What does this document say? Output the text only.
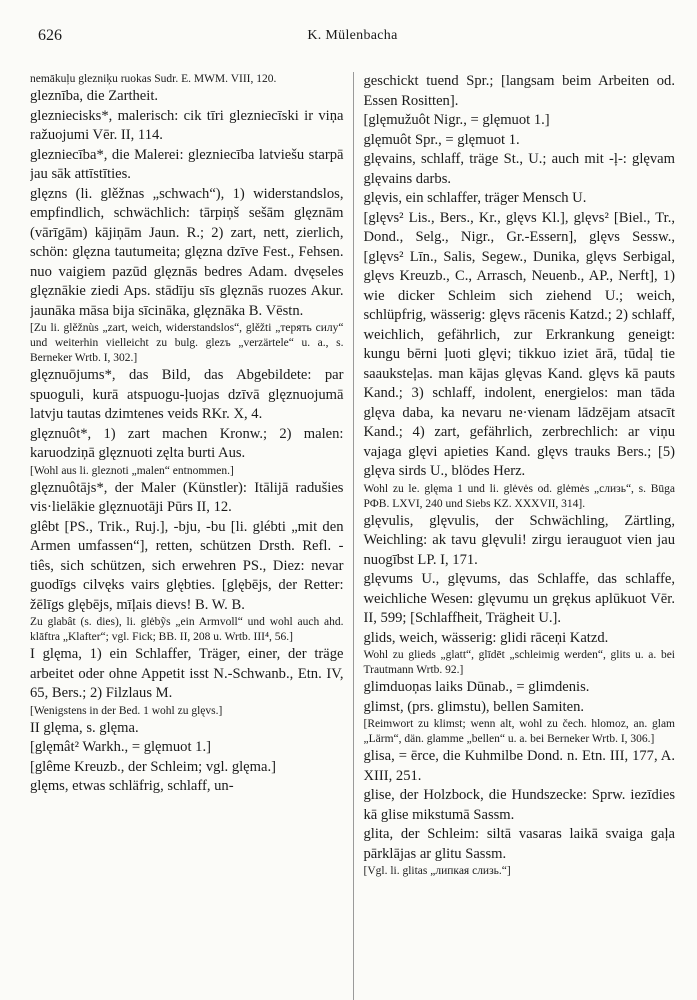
626	K. Mülenbacha

nemākuļu glezniķu ruokas Sudr. E. MWM. VIII, 120.

gleznība, die Zartheit.

glezniecisks*, malerisch: cik tīri glezniecīski ir viņa ražuojumi Vēr. II, 114.

glezniecība*, die Malerei: glezniecība latviešu starpā jau sāk attīstīties.

glęzns (li. glěžnas „schwach“), 1) widerstandslos, empfindlich, schwächlich: tārpiņš sešām glęznām (vārīgām) kājiņām Jaun. R.; 2) zart, nett, zierlich, schön: glęzna tautumeita; glęzna dzīve Fest., Fehsen. nuo vaigiem pazūd glęznās bedres Adam. dvęseles glęznākie ziedi Aps. stādīju sīs glęznās ruozes Akur. jaunāka māsa bija sīcināka, glęznāka B. Vēstn.

[Zu li. glěžnùs „zart, weich, widerstandslos“, glěžti „терять силу“ und weiterhin vielleicht zu bulg. glezъ „verzärtele“ u. a., s. Berneker Wrtb. I, 302.]

glęznuōjums*, das Bild, das Abgebildete: par spuoguli, kurā atspuogu-ļuojas dzīvā glęznuojumā latvju tautas dzimtenes veids RKr. X, 4.

glęznuôt*, 1) zart machen Kronw.; 2) malen: karuodziņā glęznuoti zęlta burti Aus.

[Wohl aus li. gleznoti „malen“ entnommen.]

glęznuôtājs*, der Maler (Künstler): Itālijā radušies vis·lielākie glęznuotāji Pūrs II, 12.

glêbt [PS., Trik., Ruj.], -bju, -bu [li. glébti „mit den Armen umfassen“], retten, schützen Drsth. Refl. -tiês, sich schützen, sich erwehren PS., Diez: nevar guodīgs cilvęks vairs glębties. [glębējs, der Retter: žēlīgs glębējs, mīļais dievs! B. W. B.

Zu glabât (s. dies), li. glėbỹs „ein Armvoll“ und wohl auch ahd. klāftra „Klafter“; vgl. Fick; BB. II, 208 u. Wrtb. III⁴, 56.]

I glęma, 1) ein Schlaffer, Träger, einer, der träge arbeitet oder ohne Appetit isst N.-Schwanb., Etn. IV, 65, Bers.; 2) Filzlaus M.

[Wenigstens in der Bed. 1 wohl zu glęvs.]

II glęma, s. glęma.

[glęmât² Warkh., = glęmuot 1.]

[glême Kreuzb., der Schleim; vgl. glęma.]

glęms, etwas schläfrig, schlaff, un-

geschickt tuend Spr.; [langsam beim Arbeiten od. Essen Rositten].

[glęmužuôt Nigr., = glęmuot 1.]

glęmuôt Spr., = glęmuot 1.

glęvains, schlaff, träge St., U.; auch mit -ļ-: glęvam glęvains darbs.

glęvis, ein schlaffer, träger Mensch U.

[glęvs² Lis., Bers., Kr., glęvs Kl.], glęvs² [Biel., Tr., Dond., Selg., Nigr., Gr.-Essern], glęvs Sessw., [glęvs² Līn., Salis, Segew., Dunika, glęvs Serbigal, glęvs Kreuzb., C., Arrasch, Neuenb., AP., Nerft], 1) wie dicker Schleim sich ziehend U.; weich, schlüpfrig, wässerig: glęvs rācenis Katzd.; 2) schlaff, weichlich, gefährlich, zur Erkrankung geneigt: kungu bērni ļuoti glęvi; tikkuo iziet ārā, tūdaļ tie saauksteļas. man kājas glęvas Kand. glęvs kā pauts Kand.; 3) schlaff, indolent, energielos: man tāda glęva daba, ka nevaru ne·vienam lādzējam atsacīt Kand.; 4) zart, gefährlich, zerbrechlich: ar viņu vajaga glęvi apieties Kand. glęvs trauks Bers.; [5) glęva sirds U., blödes Herz.

Wohl zu le. glęma 1 und li. glėvės od. glėmės „слизь“, s. Būga РФВ. LXVI, 240 und Siebs KZ. XXXVII, 314].

glęvulis, glęvulis, der Schwächling, Zärtling, Weichling: ak tavu glęvuli! zirgu ierauguot vien jau nuogībst LP. I, 171.

glęvums U., glęvums, das Schlaffe, das schlaffe, weichliche Wesen: glęvumu un grękus aplūkuot Vēr. II, 599; [Schlaffheit, Trägheit U.].

glids, weich, wässerig: glidi rāceņi Katzd.

Wohl zu glieds „glatt“, glīdēt „schleimig werden“, glits u. a. bei Trautmann Wrtb. 92.]

glimduoņas laiks Dūnab., = glimdenis.

glimst, (prs. glimstu), bellen Samiten.

[Reimwort zu klimst; wenn alt, wohl zu čech. hlomoz, an. glam „Lärm“, dän. glamme „bellen“ u. a. bei Berneker Wrtb. I, 306.]

glisa, = ērce, die Kuhmilbe Dond. n. Etn. III, 177, A. XIII, 251.

glise, der Holzbock, die Hundszecke: Sprw. iezīdies kā glise mikstumā Sassm.

glita, der Schleim: siltā vasaras laikā svaiga gaļa pārklājas ar glitu Sassm.

[Vgl. li. glitas „липкая слизь.“]
